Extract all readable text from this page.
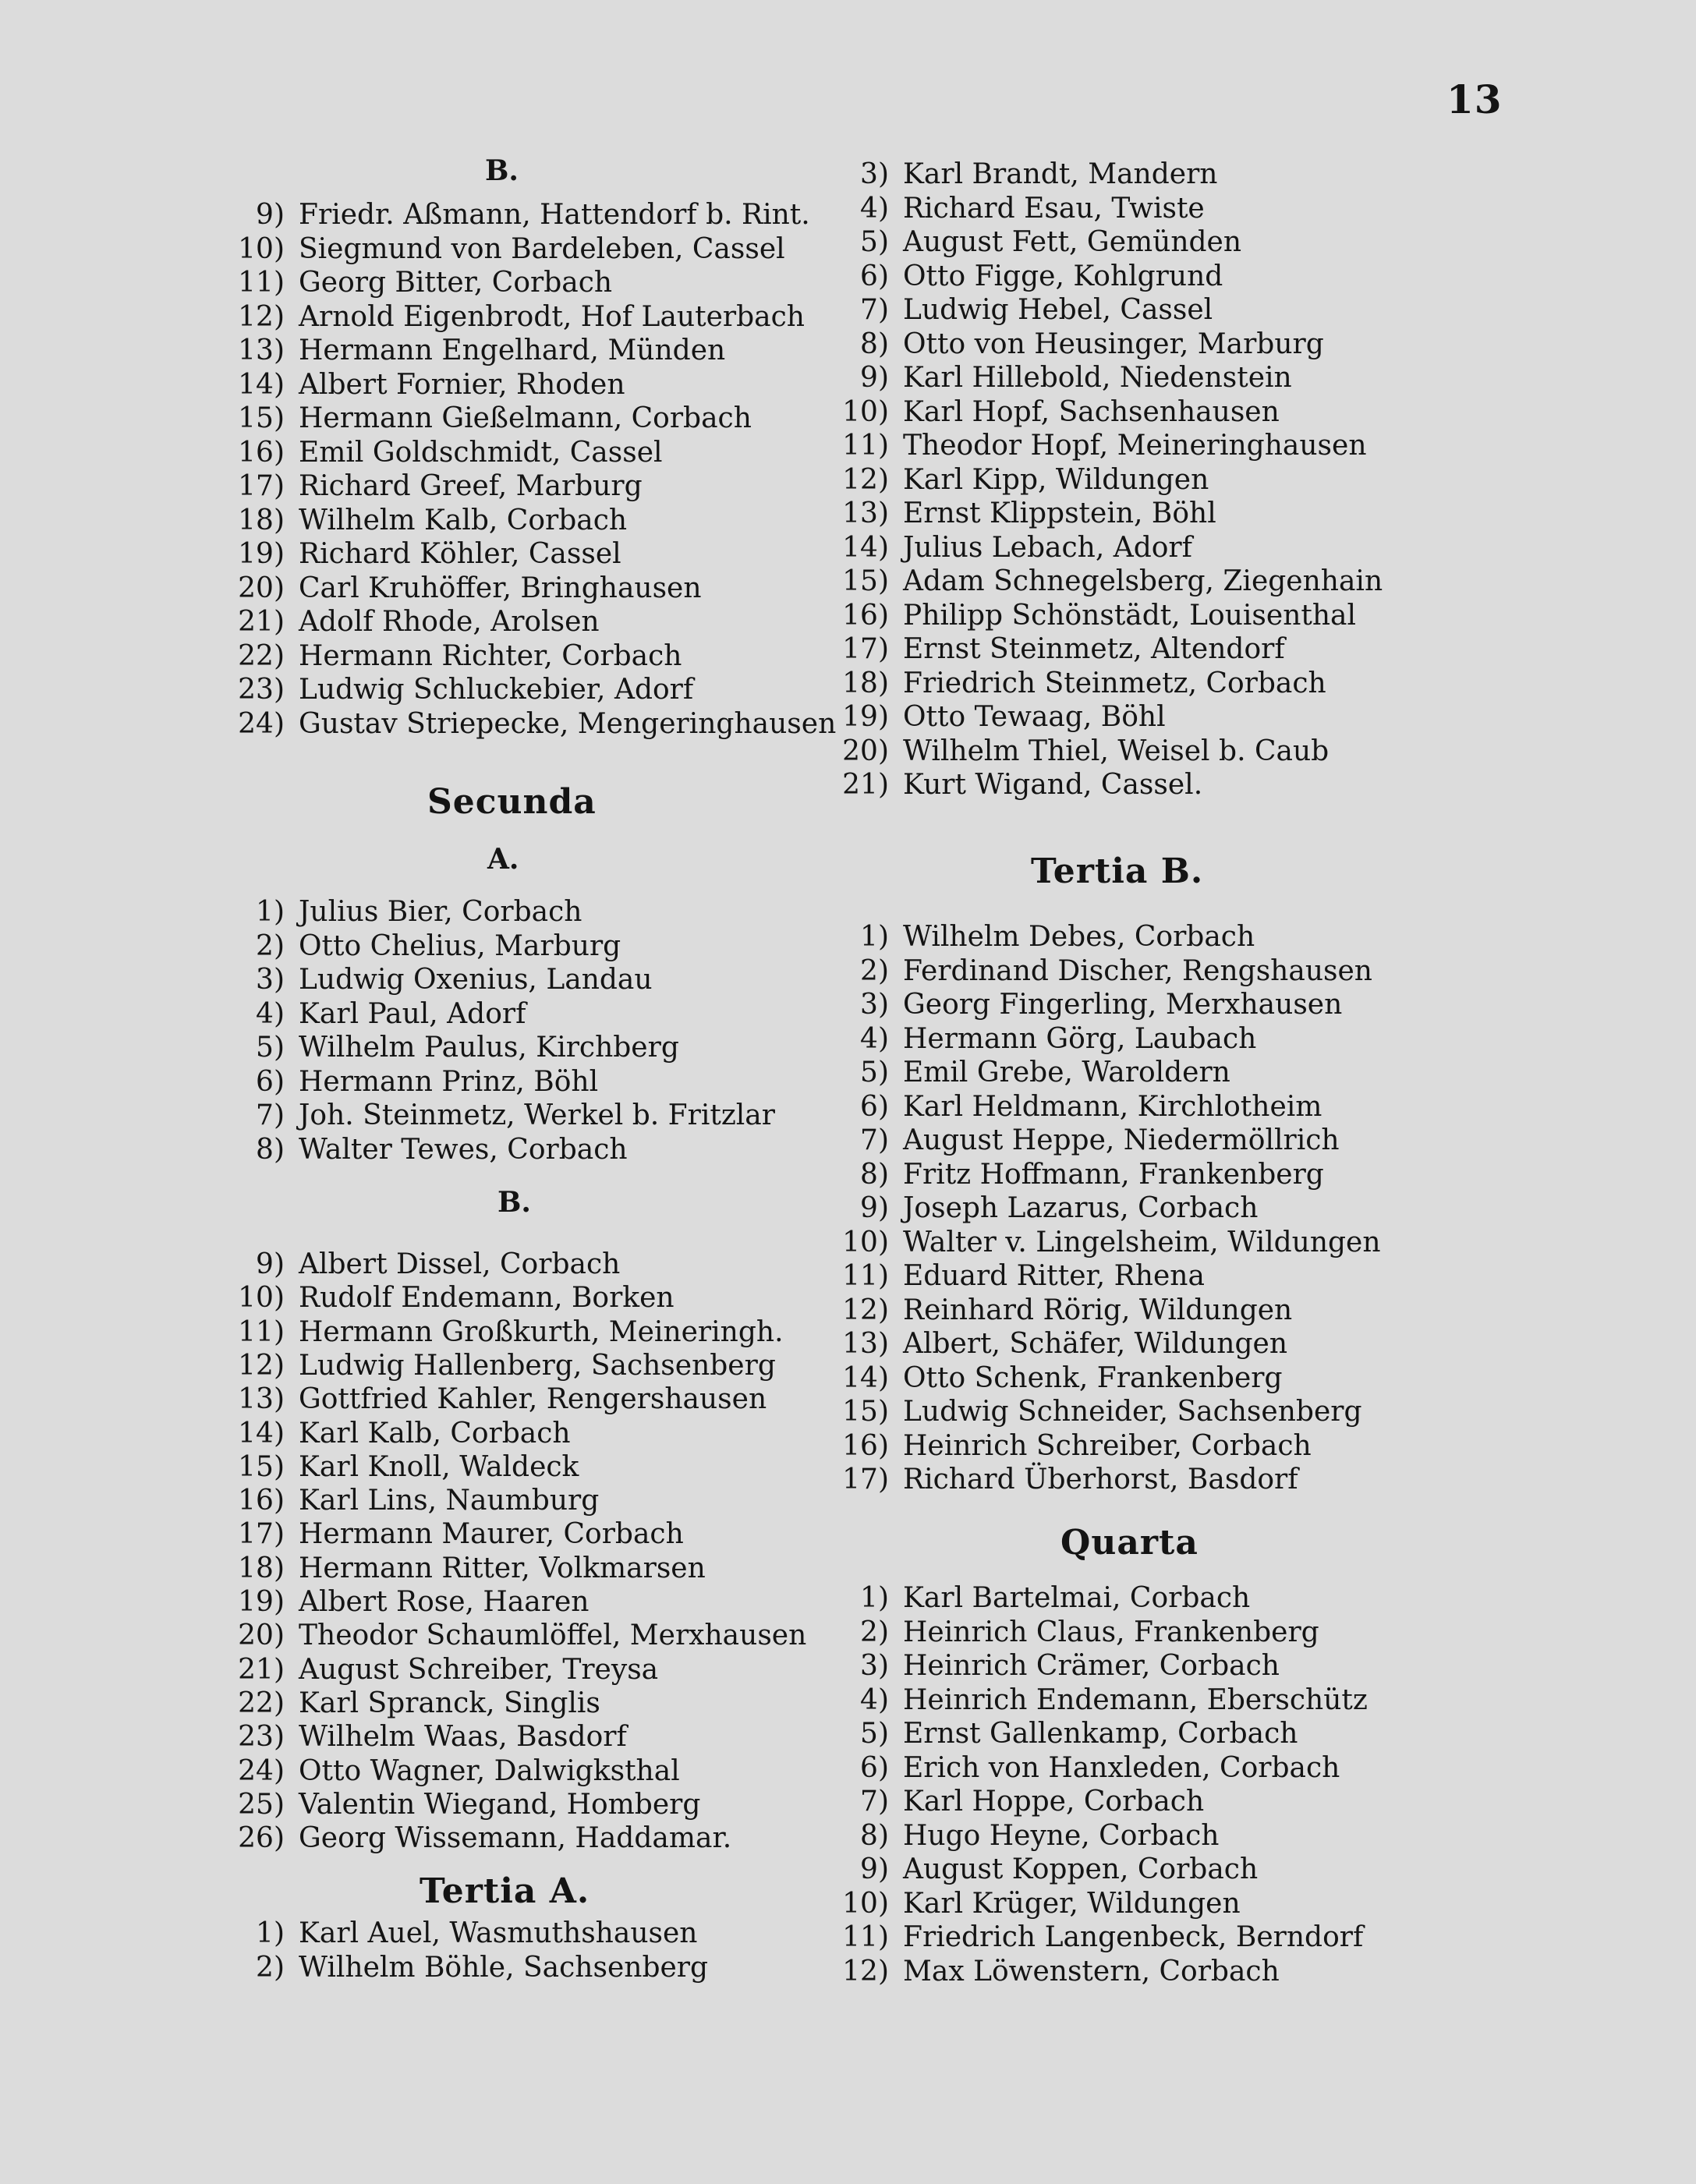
13
B.
9) Friedr. Aßmann, Hattendorf b. Rint.
10) Siegmund von Bardeleben, Cassel
11) Georg Bitter, Corbach
12) Arnold Eigenbrodt, Hof Lauterbach
13) Hermann Engelhard, Münden
14) Albert Fornier, Rhoden
15) Hermann Gießelmann, Corbach
16) Emil Goldschmidt, Cassel
17) Richard Greef, Marburg
18) Wilhelm Kalb, Corbach
19) Richard Köhler, Cassel
20) Carl Kruhöffer, Bringhausen
21) Adolf Rhode, Arolsen
22) Hermann Richter, Corbach
23) Ludwig Schluckebier, Adorf
24) Gustav Striepecke, Mengeringhausen
Secunda
A.
1) Julius Bier, Corbach
2) Otto Chelius, Marburg
3) Ludwig Oxenius, Landau
4) Karl Paul, Adorf
5) Wilhelm Paulus, Kirchberg
6) Hermann Prinz, Böhl
7) Joh. Steinmetz, Werkel b. Fritzlar
8) Walter Tewes, Corbach
B.
9) Albert Dissel, Corbach
10) Rudolf Endemann, Borken
11) Hermann Großkurth, Meineringh.
12) Ludwig Hallenberg, Sachsenberg
13) Gottfried Kahler, Rengershausen
14) Karl Kalb, Corbach
15) Karl Knoll, Waldeck
16) Karl Lins, Naumburg
17) Hermann Maurer, Corbach
18) Hermann Ritter, Volkmarsen
19) Albert Rose, Haaren
20) Theodor Schaumlöffel, Merxhausen
21) August Schreiber, Treysa
22) Karl Spranck, Singlis
23) Wilhelm Waas, Basdorf
24) Otto Wagner, Dalwigksthal
25) Valentin Wiegand, Homberg
26) Georg Wissemann, Haddamar.
Tertia A.
1) Karl Auel, Wasmuthshausen
2) Wilhelm Böhle, Sachsenberg
3) Karl Brandt, Mandern
4) Richard Esau, Twiste
5) August Fett, Gemünden
6) Otto Figge, Kohlgrund
7) Ludwig Hebel, Cassel
8) Otto von Heusinger, Marburg
9) Karl Hillebold, Niedenstein
10) Karl Hopf, Sachsenhausen
11) Theodor Hopf, Meineringhausen
12) Karl Kipp, Wildungen
13) Ernst Klippstein, Böhl
14) Julius Lebach, Adorf
15) Adam Schnegelsberg, Ziegenhain
16) Philipp Schönstädt, Louisenthal
17) Ernst Steinmetz, Altendorf
18) Friedrich Steinmetz, Corbach
19) Otto Tewaag, Böhl
20) Wilhelm Thiel, Weisel b. Caub
21) Kurt Wigand, Cassel.
Tertia B.
1) Wilhelm Debes, Corbach
2) Ferdinand Discher, Rengshausen
3) Georg Fingerling, Merxhausen
4) Hermann Görg, Laubach
5) Emil Grebe, Waroldern
6) Karl Heldmann, Kirchlotheim
7) August Heppe, Niedermöllrich
8) Fritz Hoffmann, Frankenberg
9) Joseph Lazarus, Corbach
10) Walter v. Lingelsheim, Wildungen
11) Eduard Ritter, Rhena
12) Reinhard Rörig, Wildungen
13) Albert, Schäfer, Wildungen
14) Otto Schenk, Frankenberg
15) Ludwig Schneider, Sachsenberg
16) Heinrich Schreiber, Corbach
17) Richard Überhorst, Basdorf
Quarta
1) Karl Bartelmai, Corbach
2) Heinrich Claus, Frankenberg
3) Heinrich Crämer, Corbach
4) Heinrich Endemann, Eberschütz
5) Ernst Gallenkamp, Corbach
6) Erich von Hanxleden, Corbach
7) Karl Hoppe, Corbach
8) Hugo Heyne, Corbach
9) August Koppen, Corbach
10) Karl Krüger, Wildungen
11) Friedrich Langenbeck, Berndorf
12) Max Löwenstern, Corbach
